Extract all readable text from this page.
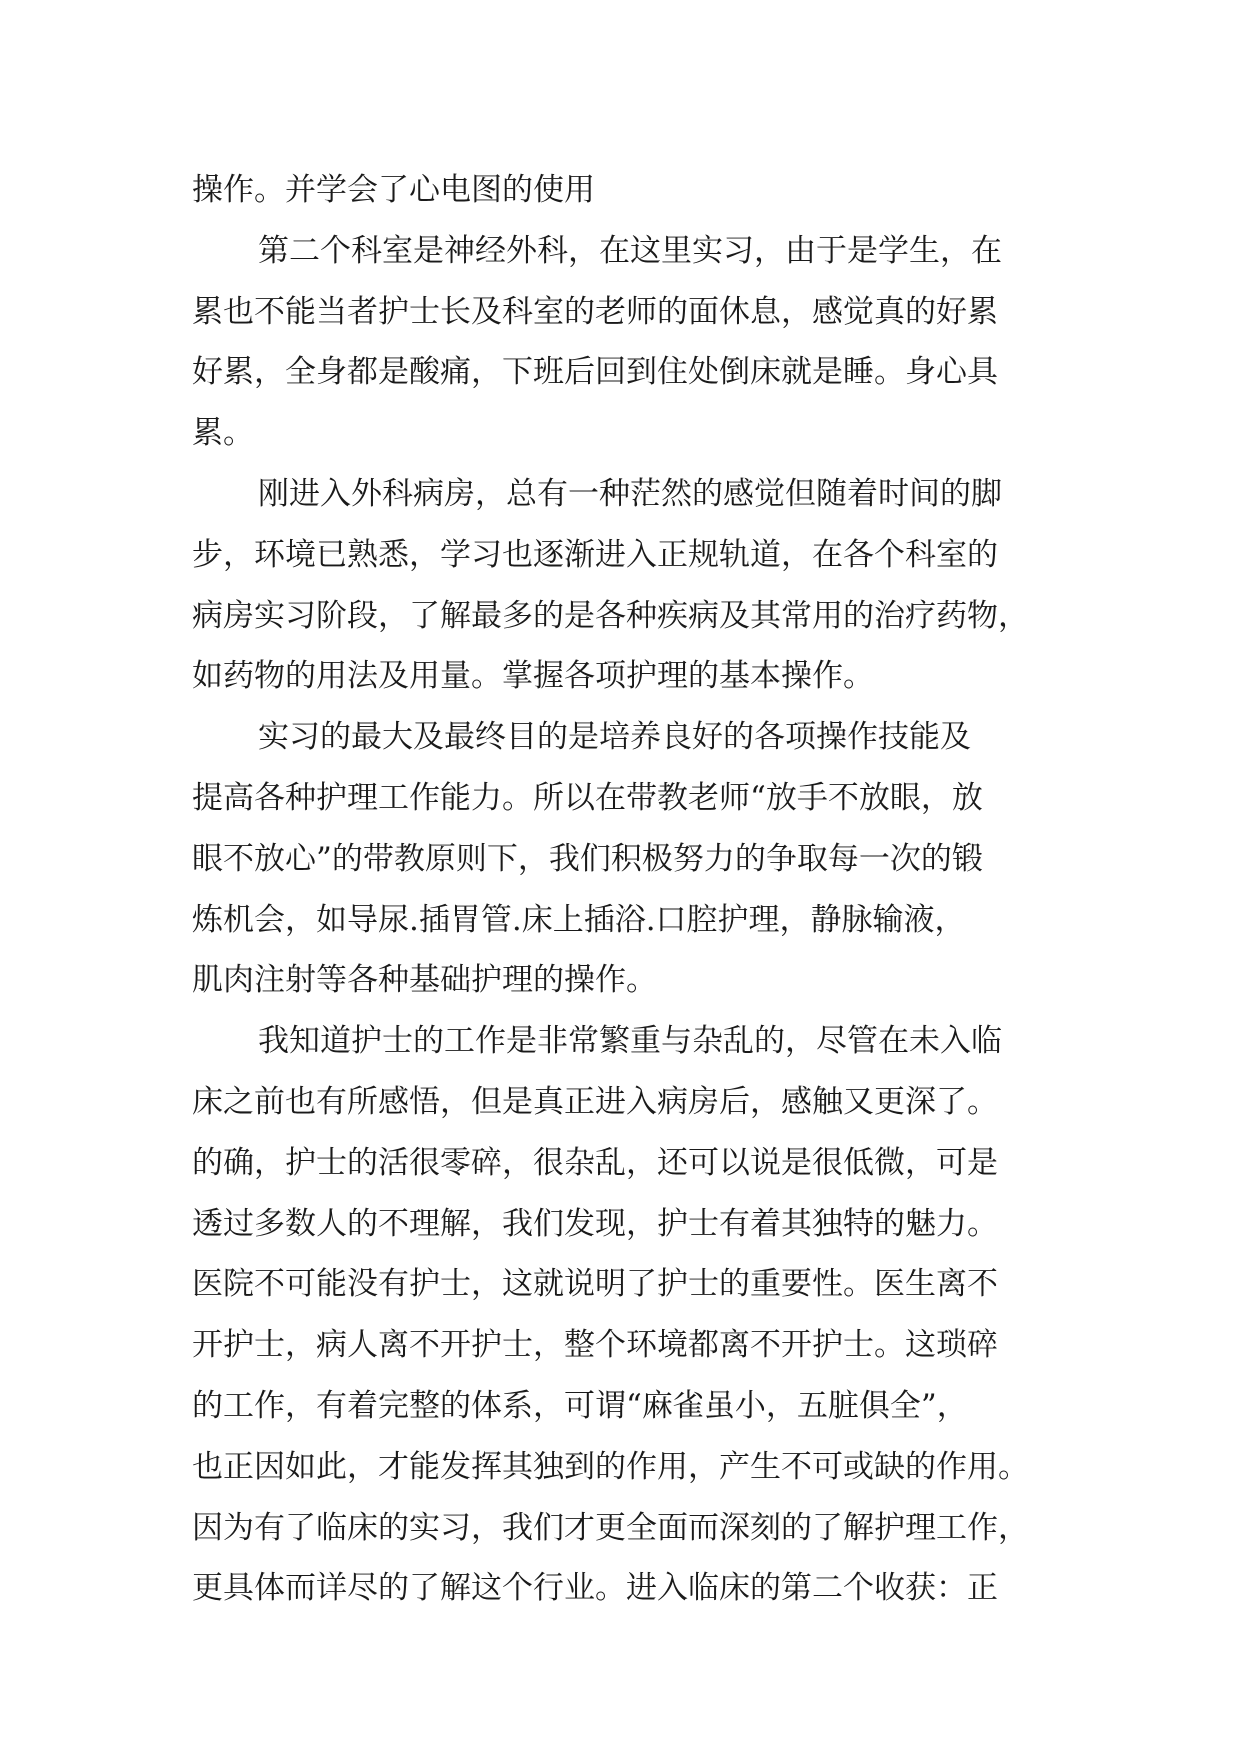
操作。并学会了心电图的使用
第二个科室是神经外科，在这里实习，由于是学生，在
累也不能当者护士长及科室的老师的面休息，感觉真的好累
好累，全身都是酸痛，下班后回到住处倒床就是睡。身心具
累。
刚进入外科病房，总有一种茫然的感觉但随着时间的脚
步，环境已熟悉，学习也逐渐进入正规轨道，在各个科室的
病房实习阶段，了解最多的是各种疾病及其常用的治疗药物，
如药物的用法及用量。掌握各项护理的基本操作。
实习的最大及最终目的是培养良好的各项操作技能及
提高各种护理工作能力。所以在带教老师“放手不放眼，放
眼不放心”的带教原则下，我们积极努力的争取每一次的锻
炼机会，如导尿.插胃管.床上插浴.口腔护理，静脉输液，
肌肉注射等各种基础护理的操作。
我知道护士的工作是非常繁重与杂乱的，尽管在未入临
床之前也有所感悟，但是真正进入病房后，感触又更深了。
的确，护士的活很零碎，很杂乱，还可以说是很低微，可是
透过多数人的不理解，我们发现，护士有着其独特的魅力。
医院不可能没有护士，这就说明了护士的重要性。医生离不
开护士，病人离不开护士，整个环境都离不开护士。这琐碎
的工作，有着完整的体系，可谓“麻雀虽小，五脏俱全”，
也正因如此，才能发挥其独到的作用，产生不可或缺的作用。
因为有了临床的实习，我们才更全面而深刻的了解护理工作，
更具体而详尽的了解这个行业。进入临床的第二个收获：正
